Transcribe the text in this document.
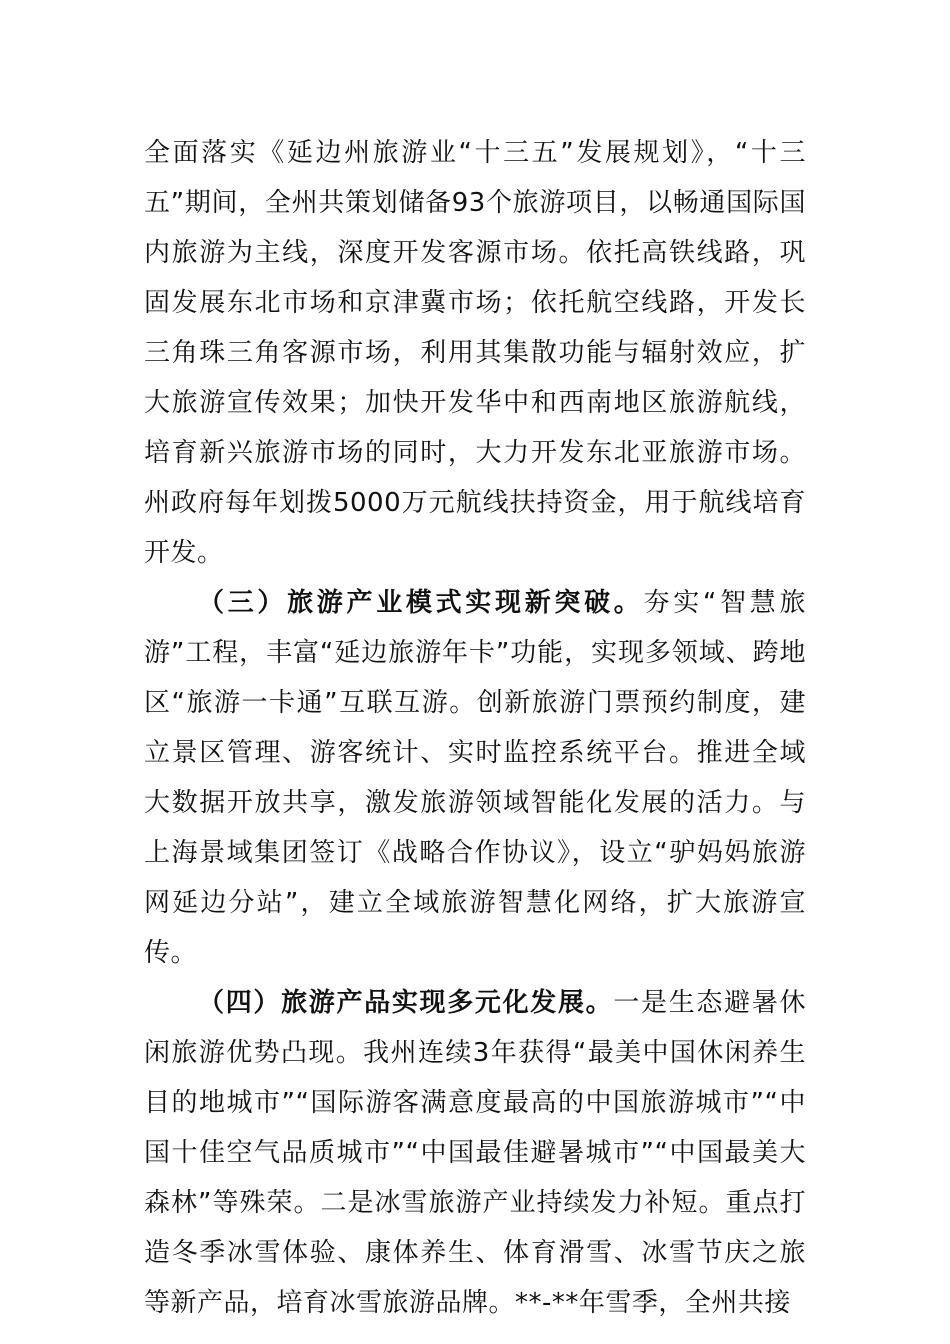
全面落实《延边州旅游业“十三五”发展规划》，“十三五”期间，全州共策划储备93个旅游项目，以畅通国际国内旅游为主线，深度开发客源市场。依托高铁线路，巩固发展东北市场和京津冀市场；依托航空线路，开发长三角珠三角客源市场，利用其集散功能与辐射效应，扩大旅游宣传效果；加快开发华中和西南地区旅游航线，培育新兴旅游市场的同时，大力开发东北亚旅游市场。州政府每年划拨5000万元航线扶持资金，用于航线培育开发。

（三）旅游产业模式实现新突破。夯实“智慧旅游”工程，丰富“延边旅游年卡”功能，实现多领域、跨地区“旅游一卡通”互联互游。创新旅游门票预约制度，建立景区管理、游客统计、实时监控系统平台。推进全域大数据开放共享，激发旅游领域智能化发展的活力。与上海景域集团签订《战略合作协议》，设立“驴妈妈旅游网延边分站”，建立全域旅游智慧化网络，扩大旅游宣传。

（四）旅游产品实现多元化发展。一是生态避暑休闲旅游优势凸现。我州连续3年获得“最美中国休闲养生目的地城市”“国际游客满意度最高的中国旅游城市”“中国十佳空气品质城市”“中国最佳避暑城市”“中国最美大森林”等殊荣。二是冰雪旅游产业持续发力补短。重点打造冬季冰雪体验、康体养生、体育滑雪、冰雪节庆之旅等新产品，培育冰雪旅游品牌。**-**年雪季，全州共接
